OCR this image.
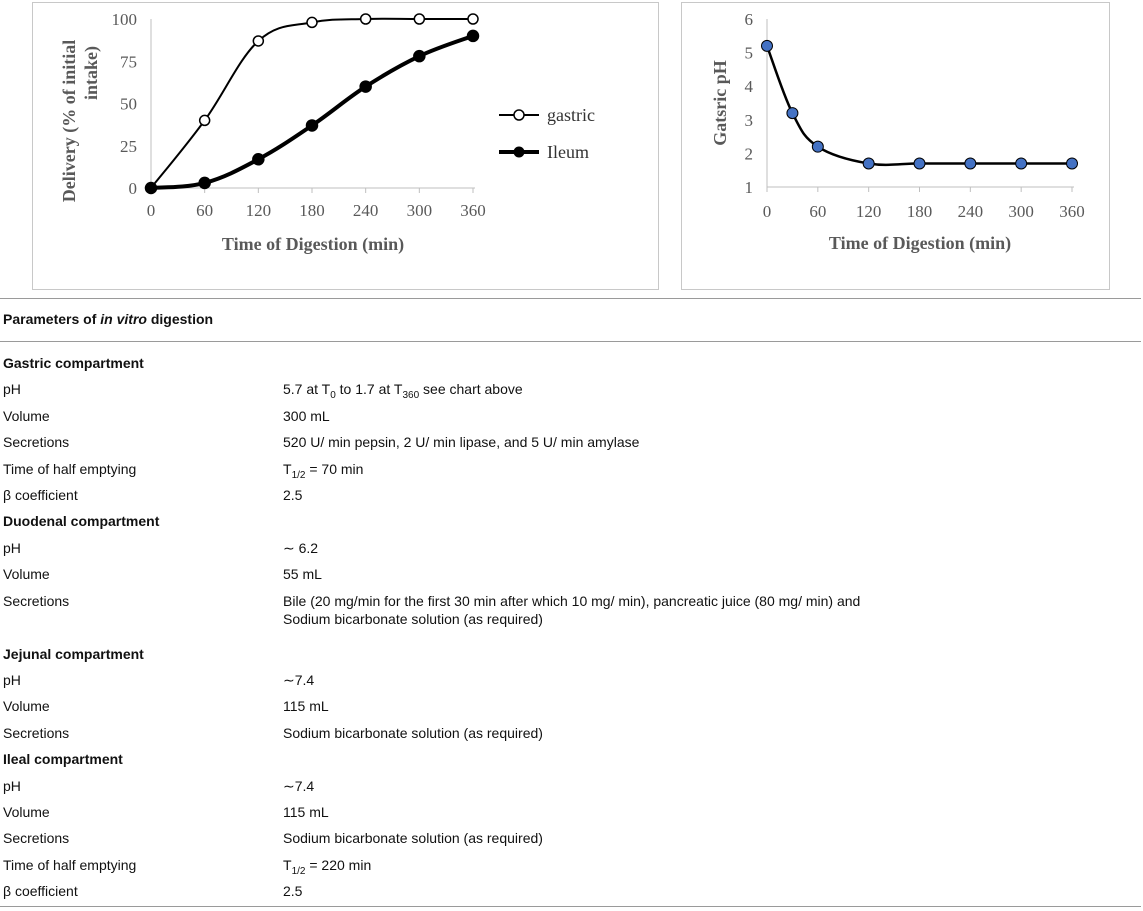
0 60 120 180 240 300 360
0
25
50
75
100
Delivery (% of initial intake)
Time of Digestion (min)
gastric
Ileum
0 60 120 180 240 300 360
1
2
3
4
5
6
Gatsric pH
Time of Digestion (min)
Parameters of in vitro digestion
Gastric compartment
pH	5.7 at $T_0$ to 1.7 at $T_{360}$ see chart above
Volume	300 mL
Secretions	520 U/ min pepsin, 2 U/ min lipase, and 5 U/ min amylase
Time of half emptying	$T_{1/2} = 70$ min
β coefficient	2.5
Duodenal compartment
pH	∼ 6.2
Volume	55 mL
Secretions	Bile (20 mg/min for the first 30 min after which 10 mg/ min), pancreatic juice (80 mg/ min) and
Sodium bicarbonate solution (as required)
Jejunal compartment
pH	∼7.4
Volume	115 mL
Secretions	Sodium bicarbonate solution (as required)
Ileal compartment
pH	∼7.4
Volume	115 mL
Secretions	Sodium bicarbonate solution (as required)
Time of half emptying	$T_{1/2} = 220$ min
β coefficient	2.5
